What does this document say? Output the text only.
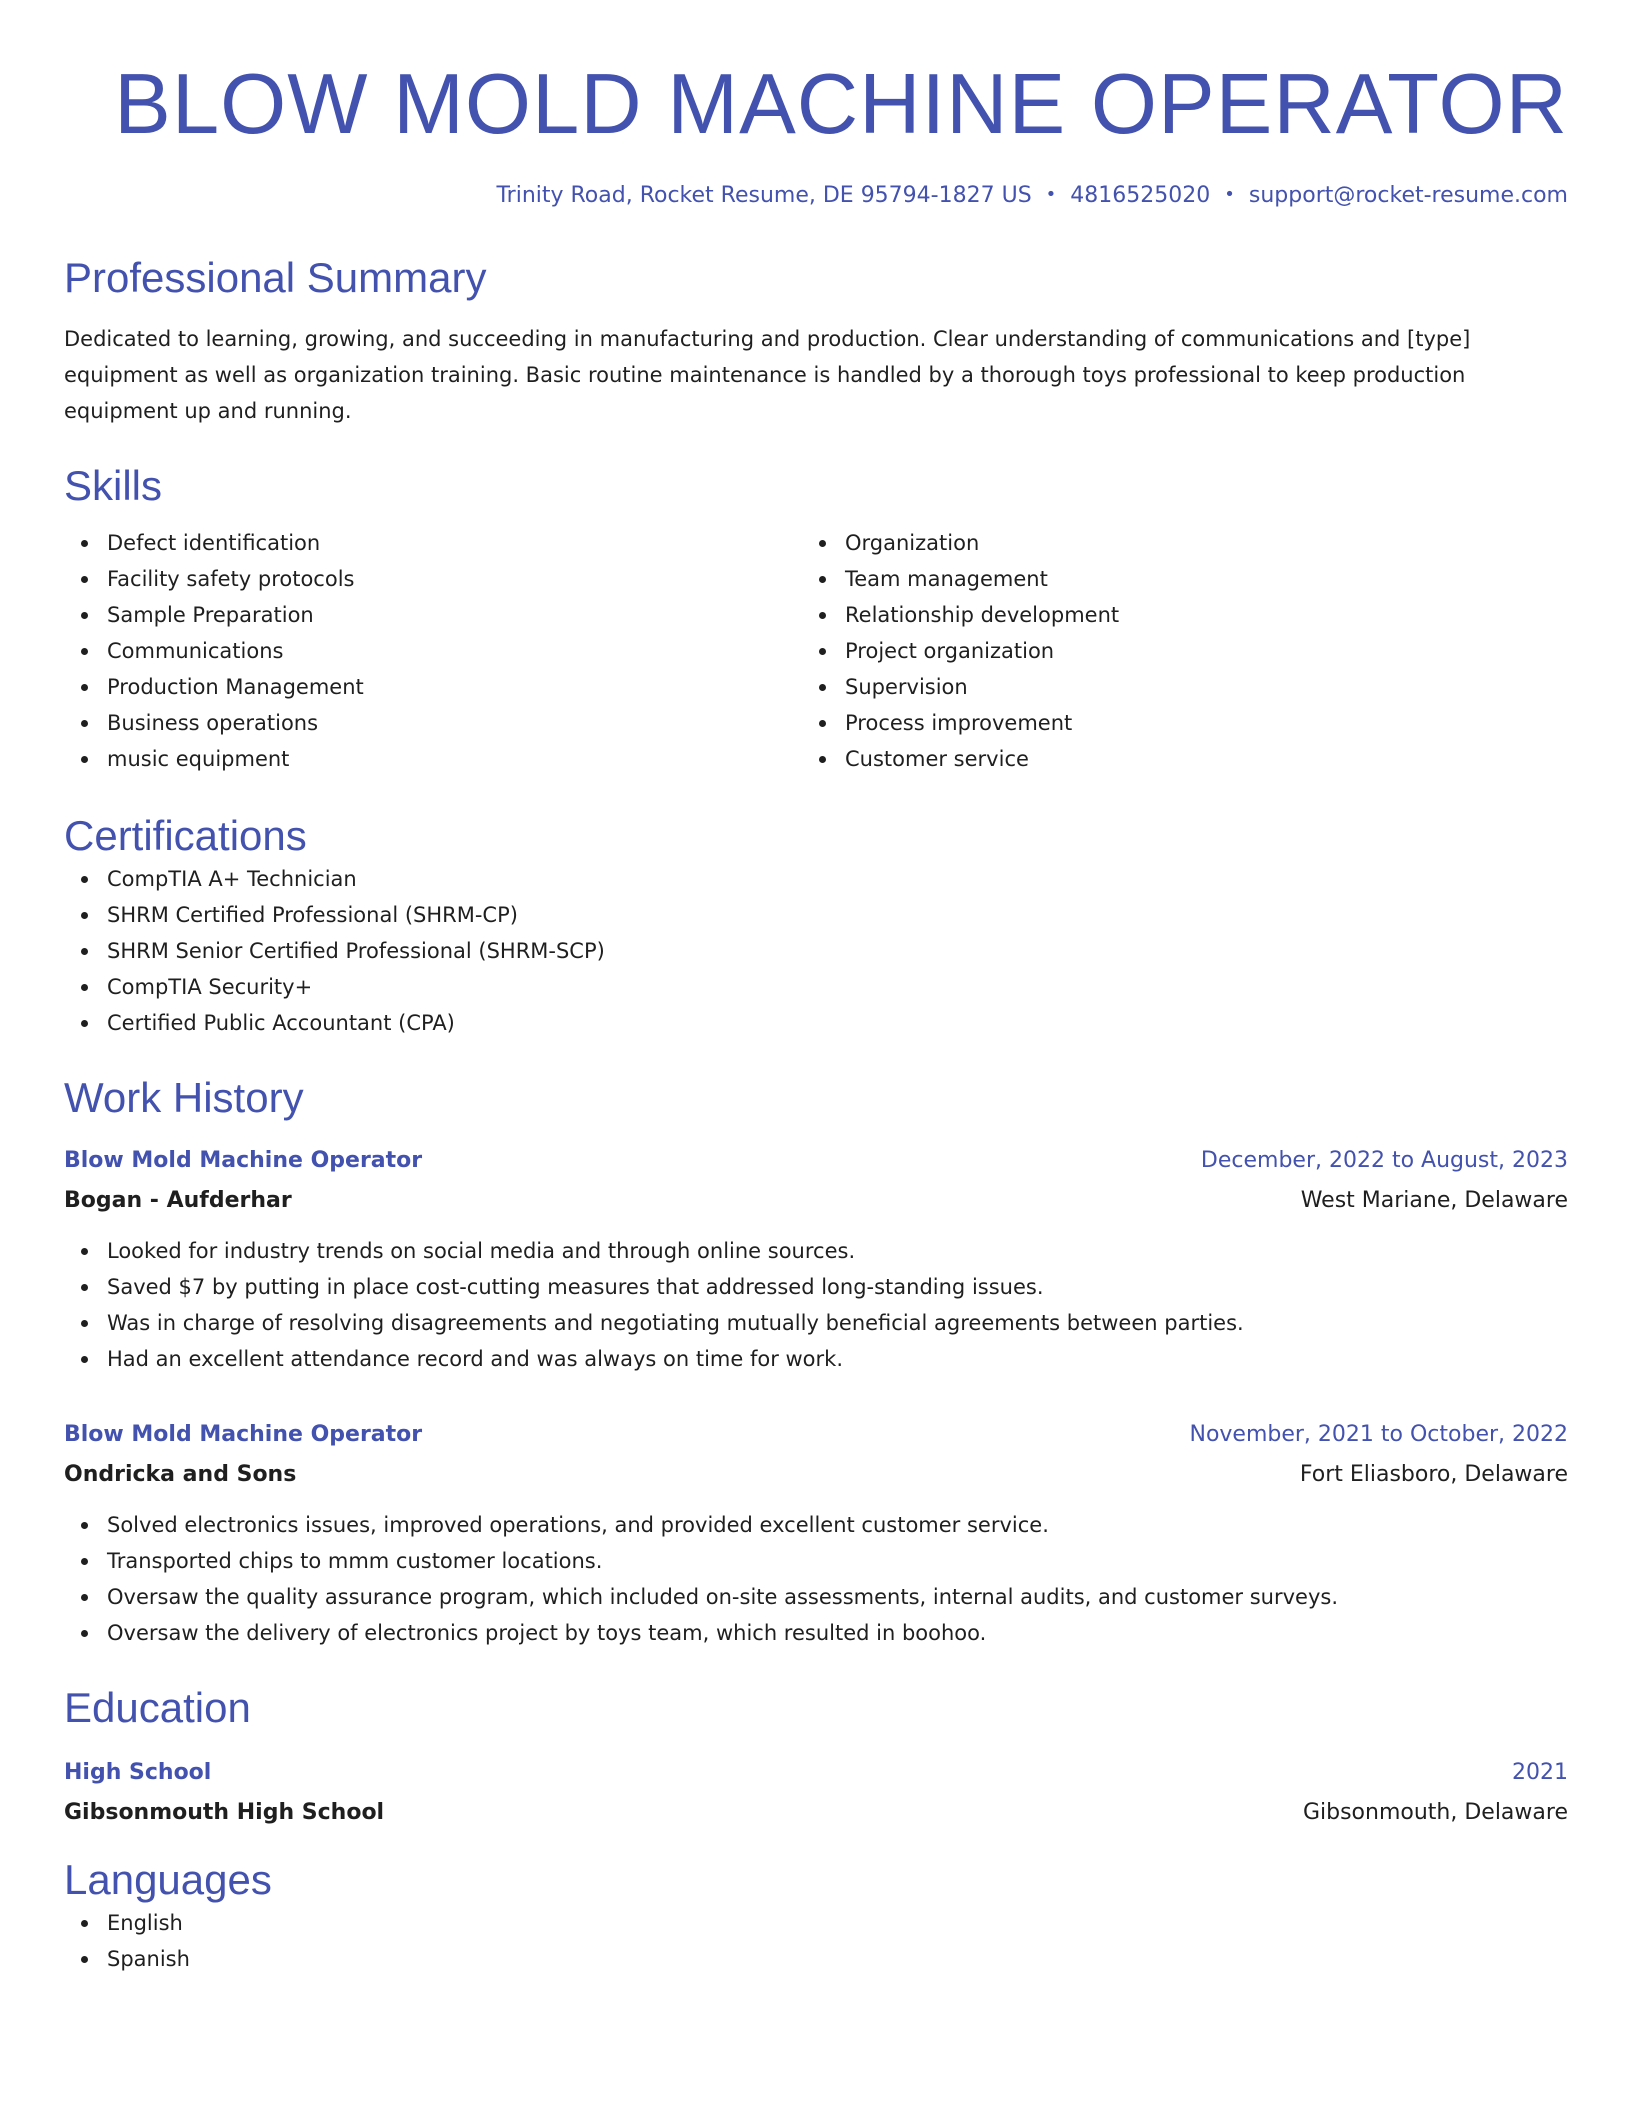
BLOW MOLD MACHINE OPERATOR
Trinity Road, Rocket Resume, DE 95794-1827 US • 4816525020 • support@rocket-resume.com
Professional Summary

Dedicated to learning, growing, and succeeding in manufacturing and production. Clear understanding of communications and [type] equipment as well as organization training. Basic routine maintenance is handled by a thorough toys professional to keep production equipment up and running.

Skills
Defect identification
Facility safety protocols
Sample Preparation
Communications
Production Management
Business operations
music equipment
Organization
Team management
Relationship development
Project organization
Supervision
Process improvement
Customer service
Certifications
CompTIA A+ Technician
SHRM Certified Professional (SHRM-CP)
SHRM Senior Certified Professional (SHRM-SCP)
CompTIA Security+
Certified Public Accountant (CPA)
Work History
Blow Mold Machine Operator	December, 2022 to August, 2023
Bogan - Aufderhar	West Mariane, Delaware
Looked for industry trends on social media and through online sources.
Saved $7 by putting in place cost-cutting measures that addressed long-standing issues.
Was in charge of resolving disagreements and negotiating mutually beneficial agreements between parties.
Had an excellent attendance record and was always on time for work.
Blow Mold Machine Operator	November, 2021 to October, 2022
Ondricka and Sons	Fort Eliasboro, Delaware
Solved electronics issues, improved operations, and provided excellent customer service.
Transported chips to mmm customer locations.
Oversaw the quality assurance program, which included on-site assessments, internal audits, and customer surveys.
Oversaw the delivery of electronics project by toys team, which resulted in boohoo.
Education
High School	2021
Gibsonmouth High School	Gibsonmouth, Delaware
Languages
English
Spanish
